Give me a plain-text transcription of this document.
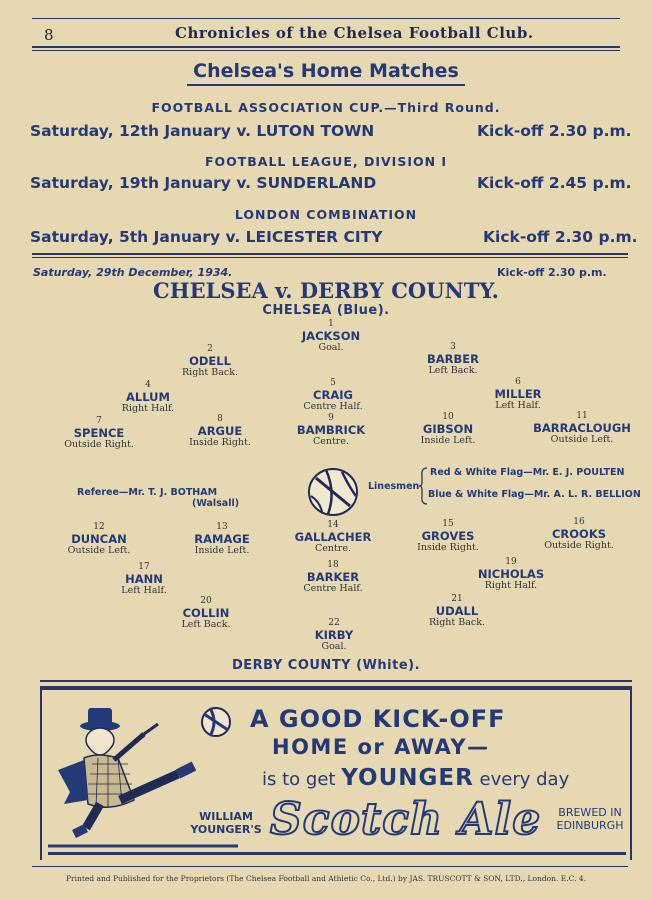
8	Chronicles of the Chelsea Football Club.
Chelsea's Home Matches
FOOTBALL ASSOCIATION CUP.—Third Round.
Saturday, 12th January v. LUTON TOWN	Kick-off 2.30 p.m.
FOOTBALL LEAGUE, DIVISION I
Saturday, 19th January v. SUNDERLAND	Kick-off 2.45 p.m.
LONDON COMBINATION
Saturday, 5th January v. LEICESTER CITY	Kick-off 2.30 p.m.
Saturday, 29th December, 1934.	Kick-off 2.30 p.m.
CHELSEA v. DERBY COUNTY.
CHELSEA (Blue).
1
JACKSON
Goal.
2
ODELL
Right Back.
3
BARBER
Left Back.
4
ALLUM
Right Half.
5
CRAIG
Centre Half.
6
MILLER
Left Half.
7
SPENCE
Outside Right.
8
ARGUE
Inside Right.
9
BAMBRICK
Centre.
10
GIBSON
Inside Left.
11
BARRACLOUGH
Outside Left.
Referee—Mr. T. J. BOTHAM
(Walsall)
Linesmen
Red & White Flag—Mr. E. J. POULTEN
Blue & White Flag—Mr. A. L. R. BELLION
12
DUNCAN
Outside Left.
13
RAMAGE
Inside Left.
14
GALLACHER
Centre.
15
GROVES
Inside Right.
16
CROOKS
Outside Right.
17
HANN
Left Half.
18
BARKER
Centre Half.
19
NICHOLAS
Right Half.
20
COLLIN
Left Back.
21
UDALL
Right Back.
22
KIRBY
Goal.
DERBY COUNTY (White).
A GOOD KICK-OFF
HOME or AWAY—
is to get YOUNGER every day
WILLIAM
YOUNGER'S Scotch Ale	BREWED IN
EDINBURGH
Printed and Published for the Proprietors (The Chelsea Football and Athletic Co., Ltd.) by JAS. TRUSCOTT & SON, LTD., London. E.C. 4.
